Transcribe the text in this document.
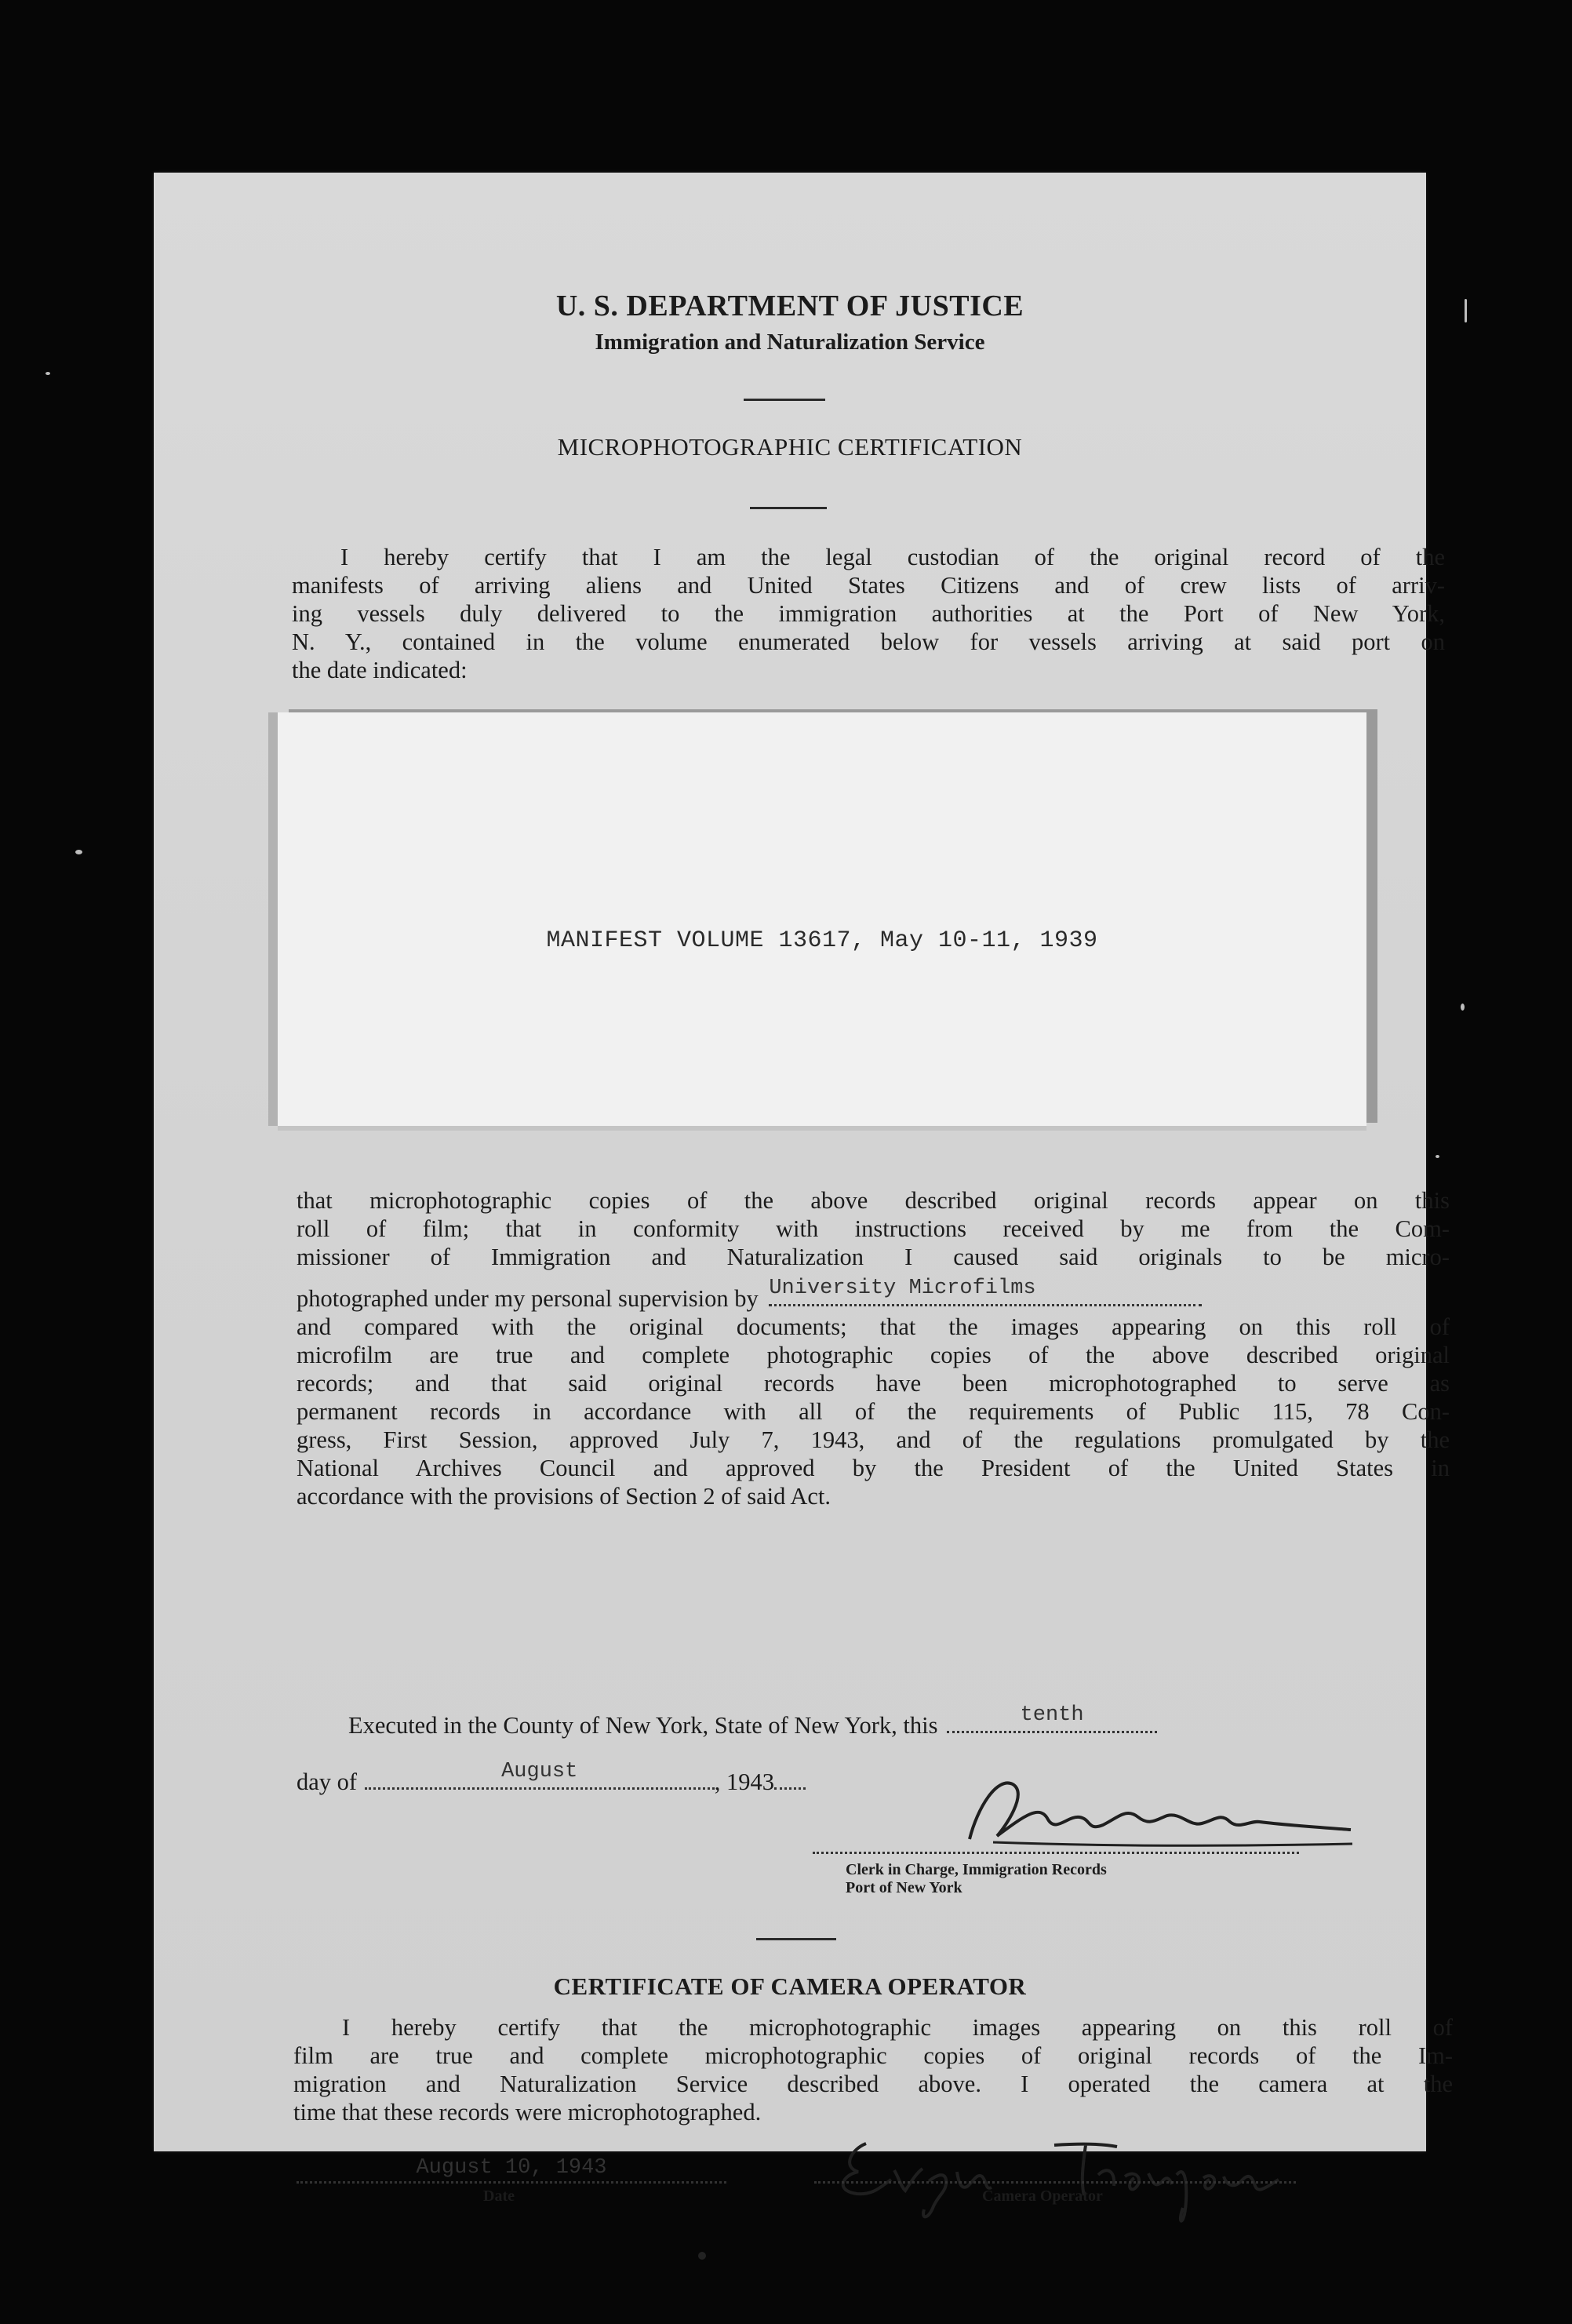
U. S. DEPARTMENT OF JUSTICE
Immigration and Naturalization Service
MICROPHOTOGRAPHIC CERTIFICATION
I hereby certify that I am the legal custodian of the original record of the
manifests of arriving aliens and United States Citizens and of crew lists of arriv-
ing vessels duly delivered to the immigration authorities at the Port of New York,
N. Y., contained in the volume enumerated below for vessels arriving at said port on
the date indicated:
MANIFEST VOLUME 13617, May 10-11, 1939
that microphotographic copies of the above described original records appear on this
roll of film; that in conformity with instructions received by me from the Com-
missioner of Immigration and Naturalization I caused said originals to be micro-
photographed under my personal supervision by University Microfilms
and compared with the original documents; that the images appearing on this roll of
microfilm are true and complete photographic copies of the above described original
records; and that said original records have been microphotographed to serve as
permanent records in accordance with all of the requirements of Public 115, 78 Con-
gress, First Session, approved July 7, 1943, and of the regulations promulgated by the
National Archives Council and approved by the President of the United States in
accordance with the provisions of Section 2 of said Act.
Executed in the County of New York, State of New York, this	tenth
day of	August	, 1943
Clerk in Charge, Immigration Records
Port of New York
CERTIFICATE OF CAMERA OPERATOR
I hereby certify that the microphotographic images appearing on this roll of
film are true and complete microphotographic copies of original records of the Im-
migration and Naturalization Service described above. I operated the camera at the
time that these records were microphotographed.
August 10, 1943
Date	Camera Operator
